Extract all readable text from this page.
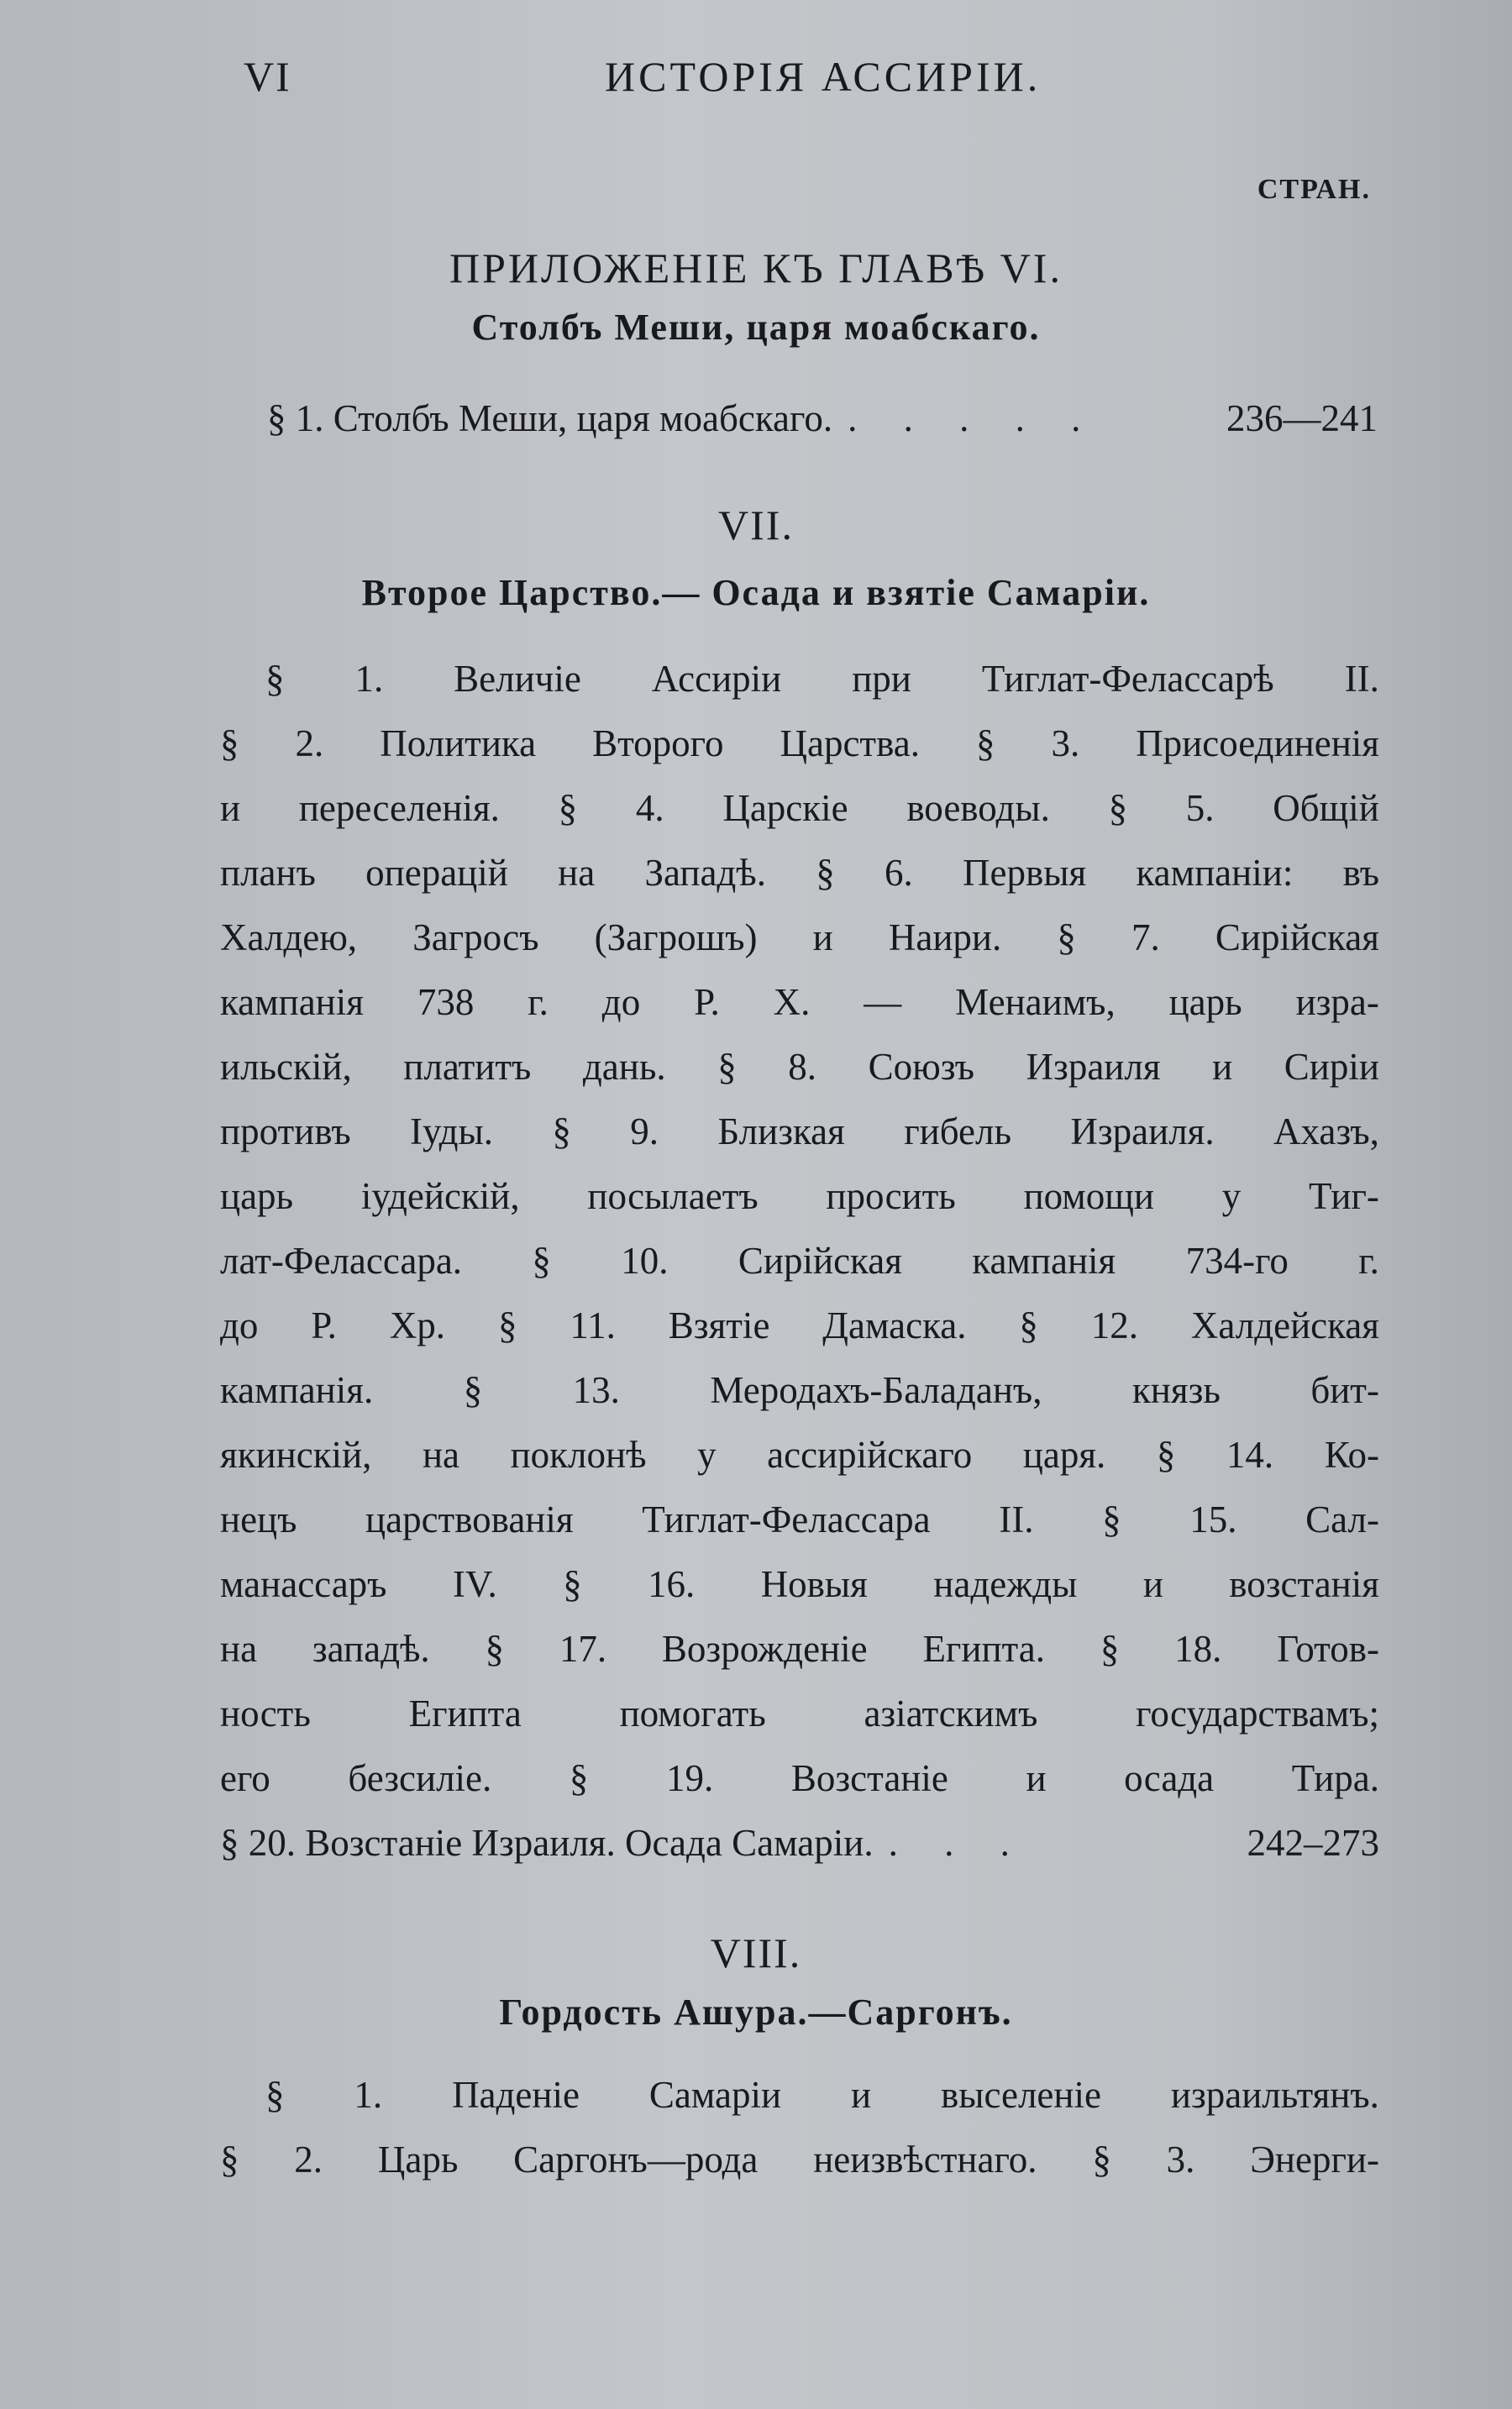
VI	ИСТОРІЯ АССИРІИ.
СТРАН.
ПРИЛОЖЕНІЕ КЪ ГЛАВѢ VI.
Столбъ Меши, царя моабскаго.
§ 1. Столбъ Меши, царя моабскаго. . . . . .	236—241
VII.
Второе Царство.— Осада и взятіе Самаріи.
§ 1. Величіе Ассиріи при Тиглат-Фелассарѣ II.
§ 2. Политика Второго Царства. § 3. Присоединенія
и переселенія. § 4. Царскіе воеводы. § 5. Общій
планъ операцій на Западѣ. § 6. Первыя кампаніи: въ
Халдею, Загросъ (Загрошъ) и Наири. § 7. Сирійская
кампанія 738 г. до Р. Х. — Менаимъ, царь изра-
ильскій, платитъ дань. § 8. Союзъ Израиля и Сиріи
противъ Іуды. § 9. Близкая гибель Израиля. Ахазъ,
царь іудейскій, посылаетъ просить помощи у Тиг-
лат-Фелассара. § 10. Сирійская кампанія 734-го г.
до Р. Хр. § 11. Взятіе Дамаска. § 12. Халдейская
кампанія. § 13. Меродахъ-Баладанъ, князь бит-
якинскій, на поклонѣ у ассирійскаго царя. § 14. Ко-
нецъ царствованія Тиглат-Фелассара II. § 15. Сал-
манассаръ IV. § 16. Новыя надежды и возстанія
на западѣ. § 17. Возрожденіе Египта. § 18. Готов-
ность	Египта	помогать	азіатскимъ	государствамъ;
его безсиліе. § 19. Возстаніе и осада Тира.
§ 20. Возстаніе Израиля. Осада Самаріи. . . .	242–273
VIII.
Гордость Ашура.—Саргонъ.
§ 1. Паденіе Самаріи и выселеніе израильтянъ.
§ 2. Царь Саргонъ—рода неизвѣстнаго. § 3. Энерги-
